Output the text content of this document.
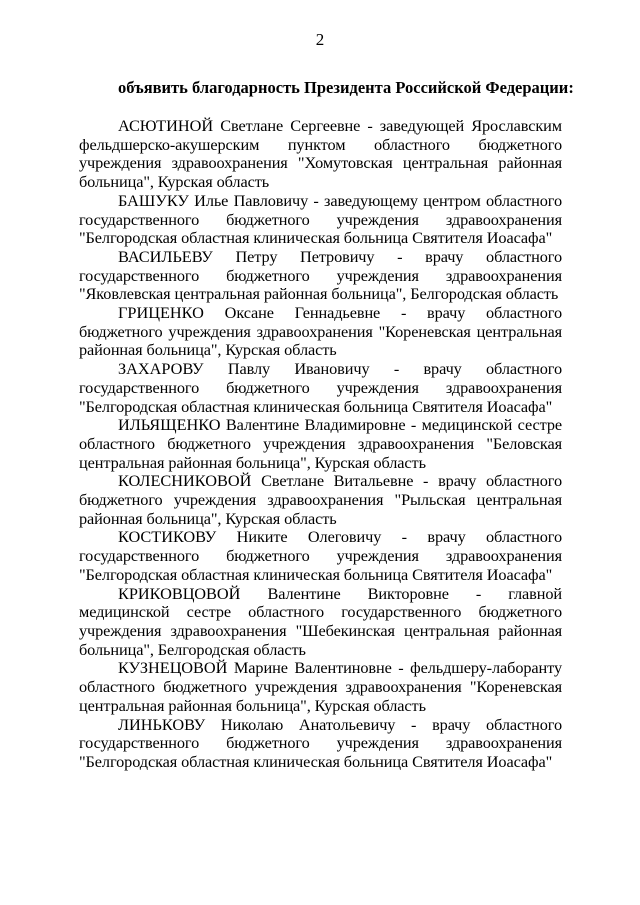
2
объявить благодарность Президента Российской Федерации:

АСЮТИНОЙ Светлане Сергеевне - заведующей Ярославским фельдшерско-акушерским пунктом областного бюджетного учреждения здравоохранения "Хомутовская центральная районная больница", Курская область

БАШУКУ Илье Павловичу - заведующему центром областного государственного бюджетного учреждения здравоохранения "Белгородская областная клиническая больница Святителя Иоасафа"

ВАСИЛЬЕВУ Петру Петровичу - врачу областного государственного бюджетного учреждения здравоохранения "Яковлевская центральная районная больница", Белгородская область

ГРИЦЕНКО Оксане Геннадьевне - врачу областного бюджетного учреждения здравоохранения "Кореневская центральная районная больница", Курская область

ЗАХАРОВУ Павлу Ивановичу - врачу областного государственного бюджетного учреждения здравоохранения "Белгородская областная клиническая больница Святителя Иоасафа"

ИЛЬЯЩЕНКО Валентине Владимировне - медицинской сестре областного бюджетного учреждения здравоохранения "Беловская центральная районная больница", Курская область

КОЛЕСНИКОВОЙ Светлане Витальевне - врачу областного бюджетного учреждения здравоохранения "Рыльская центральная районная больница", Курская область

КОСТИКОВУ Никите Олеговичу - врачу областного государственного бюджетного учреждения здравоохранения "Белгородская областная клиническая больница Святителя Иоасафа"

КРИКОВЦОВОЙ Валентине Викторовне - главной медицинской сестре областного государственного бюджетного учреждения здравоохранения "Шебекинская центральная районная больница", Белгородская область

КУЗНЕЦОВОЙ Марине Валентиновне - фельдшеру-лаборанту областного бюджетного учреждения здравоохранения "Кореневская центральная районная больница", Курская область

ЛИНЬКОВУ Николаю Анатольевичу - врачу областного государственного бюджетного учреждения здравоохранения "Белгородская областная клиническая больница Святителя Иоасафа"
